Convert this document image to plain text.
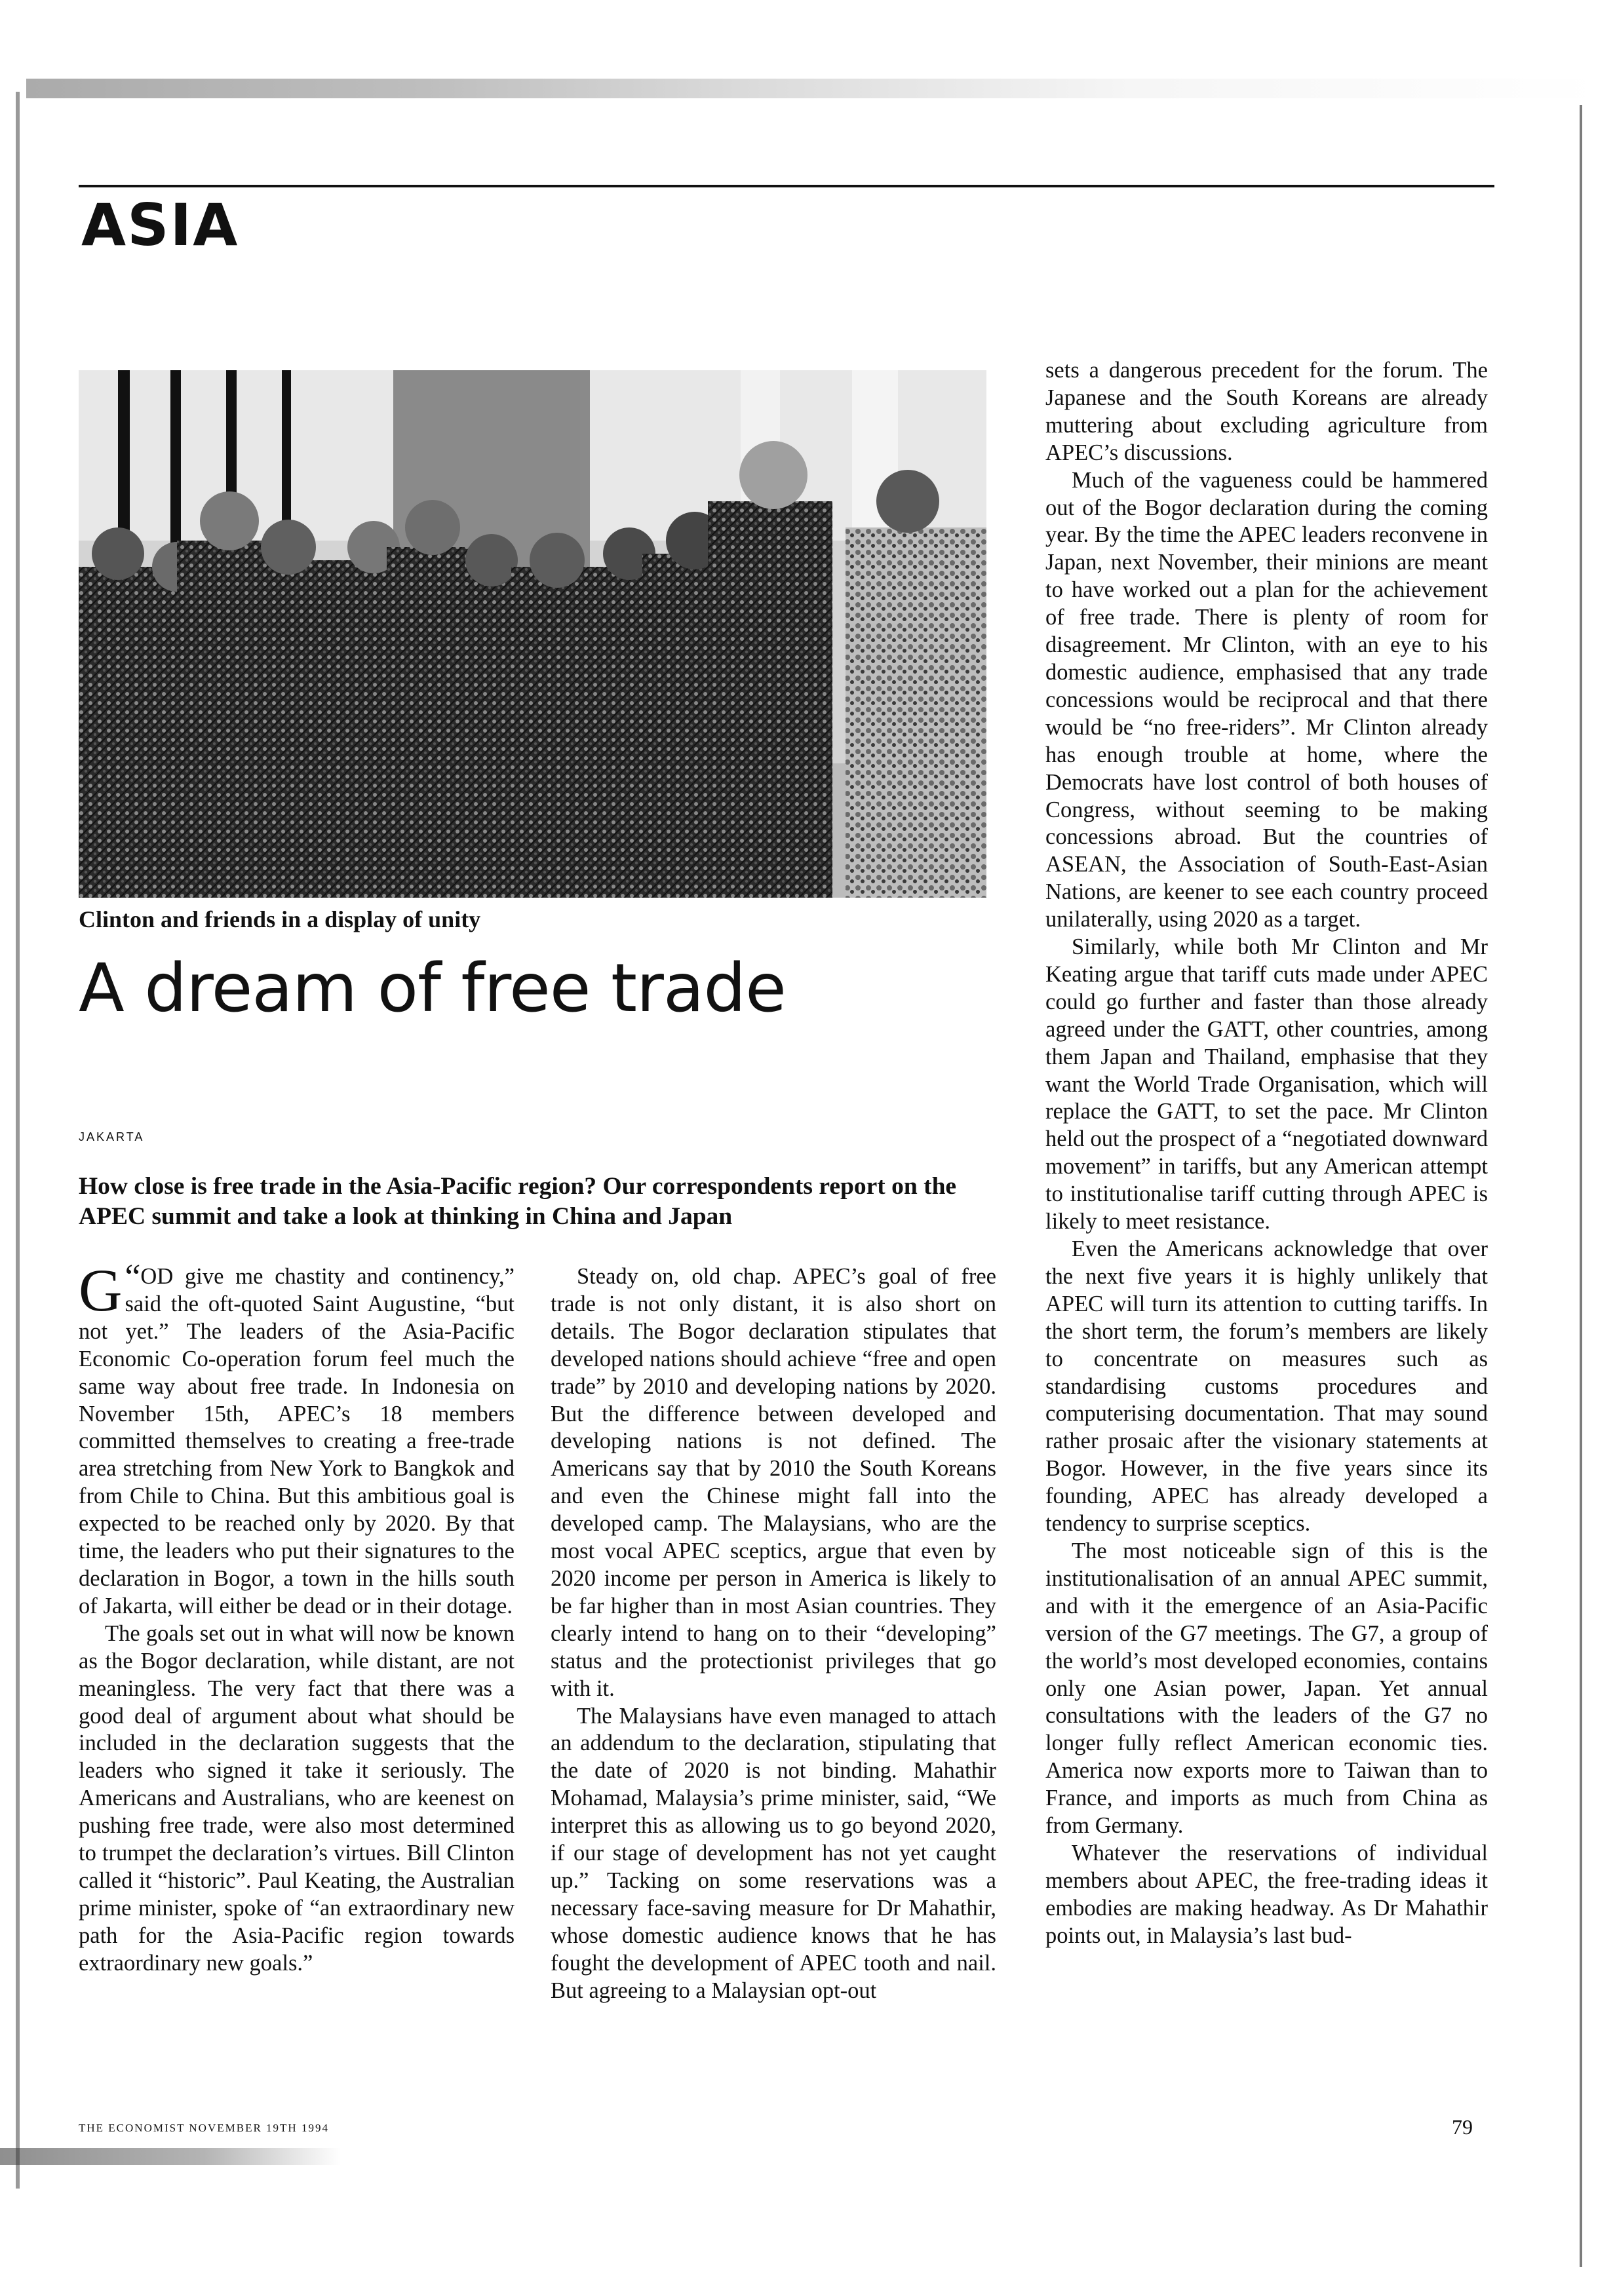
ASIA
Clinton and friends in a display of unity
A dream of free trade
JAKARTA
How close is free trade in the Asia-Pacific region? Our correspondents report on the APEC summit and take a look at thinking in China and Japan

“
G OD give me chastity and continency,” said the oft-quoted Saint Augustine, “but not yet.” The leaders of the Asia-Pacific Economic Co-operation forum feel much the same way about free trade. In Indonesia on November 15th, APEC’s 18 members committed themselves to creating a free-trade area stretching from New York to Bangkok and from Chile to China. But this ambitious goal is expected to be reached only by 2020. By that time, the leaders who put their signatures to the declaration in Bogor, a town in the hills south of Jakarta, will either be dead or in their dotage.

The goals set out in what will now be known as the Bogor declaration, while distant, are not meaningless. The very fact that there was a good deal of argument about what should be included in the declaration suggests that the leaders who signed it take it seriously. The Americans and Australians, who are keenest on pushing free trade, were also most determined to trumpet the declaration’s virtues. Bill Clinton called it “historic”. Paul Keating, the Australian prime minister, spoke of “an extraordinary new path for the Asia-Pacific region towards extraordinary new goals.”

Steady on, old chap. APEC’s goal of free trade is not only distant, it is also short on details. The Bogor declaration stipulates that developed nations should achieve “free and open trade” by 2010 and developing nations by 2020. But the difference between developed and developing nations is not defined. The Americans say that by 2010 the South Koreans and even the Chinese might fall into the developed camp. The Malaysians, who are the most vocal APEC sceptics, argue that even by 2020 income per person in America is likely to be far higher than in most Asian countries. They clearly intend to hang on to their “developing” status and the protectionist privileges that go with it.

The Malaysians have even managed to attach an addendum to the declaration, stipulating that the date of 2020 is not binding. Mahathir Mohamad, Malaysia’s prime minister, said, “We interpret this as allowing us to go beyond 2020, if our stage of development has not yet caught up.” Tacking on some reservations was a necessary face-saving measure for Dr Mahathir, whose domestic audience knows that he has fought the development of APEC tooth and nail. But agreeing to a Malaysian opt-out

sets a dangerous precedent for the forum. The Japanese and the South Koreans are already muttering about excluding agriculture from APEC’s discussions.

Much of the vagueness could be hammered out of the Bogor declaration during the coming year. By the time the APEC leaders reconvene in Japan, next November, their minions are meant to have worked out a plan for the achievement of free trade. There is plenty of room for disagreement. Mr Clinton, with an eye to his domestic audience, emphasised that any trade concessions would be reciprocal and that there would be “no free-riders”. Mr Clinton already has enough trouble at home, where the Democrats have lost control of both houses of Congress, without seeming to be making concessions abroad. But the countries of ASEAN, the Association of South-East-Asian Nations, are keener to see each country proceed unilaterally, using 2020 as a target.

Similarly, while both Mr Clinton and Mr Keating argue that tariff cuts made under APEC could go further and faster than those already agreed under the GATT, other countries, among them Japan and Thailand, emphasise that they want the World Trade Organisation, which will replace the GATT, to set the pace. Mr Clinton held out the prospect of a “negotiated downward movement” in tariffs, but any American attempt to institutionalise tariff cutting through APEC is likely to meet resistance.

Even the Americans acknowledge that over the next five years it is highly unlikely that APEC will turn its attention to cutting tariffs. In the short term, the forum’s members are likely to concentrate on measures such as standardising customs procedures and computerising documentation. That may sound rather prosaic after the visionary statements at Bogor. However, in the five years since its founding, APEC has already developed a tendency to surprise sceptics.

The most noticeable sign of this is the institutionalisation of an annual APEC summit, and with it the emergence of an Asia-Pacific version of the G7 meetings. The G7, a group of the world’s most developed economies, contains only one Asian power, Japan. Yet annual consultations with the leaders of the G7 no longer fully reflect American economic ties. America now exports more to Taiwan than to France, and imports as much from China as from Germany.

Whatever the reservations of individual members about APEC, the free-trading ideas it embodies are making headway. As Dr Mahathir points out, in Malaysia’s last bud-

THE ECONOMIST NOVEMBER 19TH 1994	79
